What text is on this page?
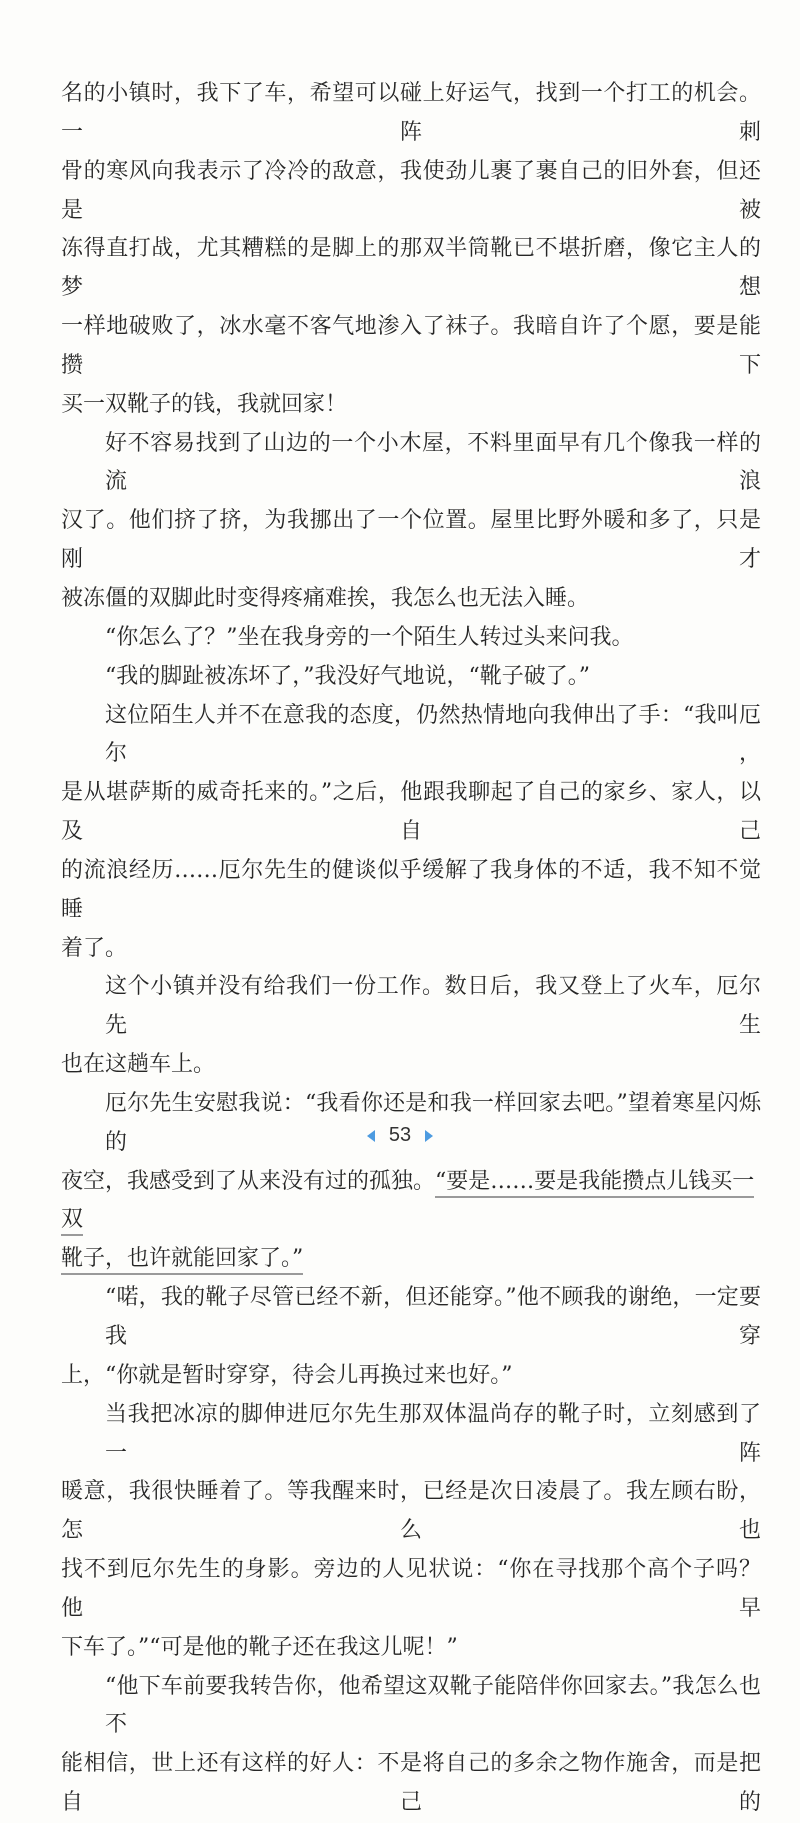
名的小镇时，我下了车，希望可以碰上好运气，找到一个打工的机会。一阵刺
骨的寒风向我表示了冷冷的敌意，我使劲儿裹了裹自己的旧外套，但还是被
冻得直打战，尤其糟糕的是脚上的那双半筒靴已不堪折磨，像它主人的梦想
一样地破败了，冰水毫不客气地渗入了袜子。我暗自许了个愿，要是能攒下
买一双靴子的钱，我就回家！
好不容易找到了山边的一个小木屋，不料里面早有几个像我一样的流浪
汉了。他们挤了挤，为我挪出了一个位置。屋里比野外暖和多了，只是刚才
被冻僵的双脚此时变得疼痛难挨，我怎么也无法入睡。
“你怎么了？”坐在我身旁的一个陌生人转过头来问我。
“我的脚趾被冻坏了，”我没好气地说，“靴子破了。”
这位陌生人并不在意我的态度，仍然热情地向我伸出了手：“我叫厄尔，
是从堪萨斯的威奇托来的。”之后，他跟我聊起了自己的家乡、家人，以及自己
的流浪经历……厄尔先生的健谈似乎缓解了我身体的不适，我不知不觉睡
着了。
这个小镇并没有给我们一份工作。数日后，我又登上了火车，厄尔先生
也在这趟车上。
厄尔先生安慰我说：“我看你还是和我一样回家去吧。”望着寒星闪烁的
夜空，我感受到了从来没有过的孤独。“要是……要是我能攒点儿钱买一双
靴子，也许就能回家了。”
“喏，我的靴子尽管已经不新，但还能穿。”他不顾我的谢绝，一定要我穿
上，“你就是暂时穿穿，待会儿再换过来也好。”
当我把冰凉的脚伸进厄尔先生那双体温尚存的靴子时，立刻感到了一阵
暖意，我很快睡着了。等我醒来时，已经是次日凌晨了。我左顾右盼，怎么也
找不到厄尔先生的身影。旁边的人见状说：“你在寻找那个高个子吗？ 他早
下车了。”“可是他的靴子还在我这儿呢！”
“他下车前要我转告你，他希望这双靴子能陪伴你回家去。”我怎么也不
能相信，世上还有这样的好人：不是将自己的多余之物作施舍，而是把自己的
53
